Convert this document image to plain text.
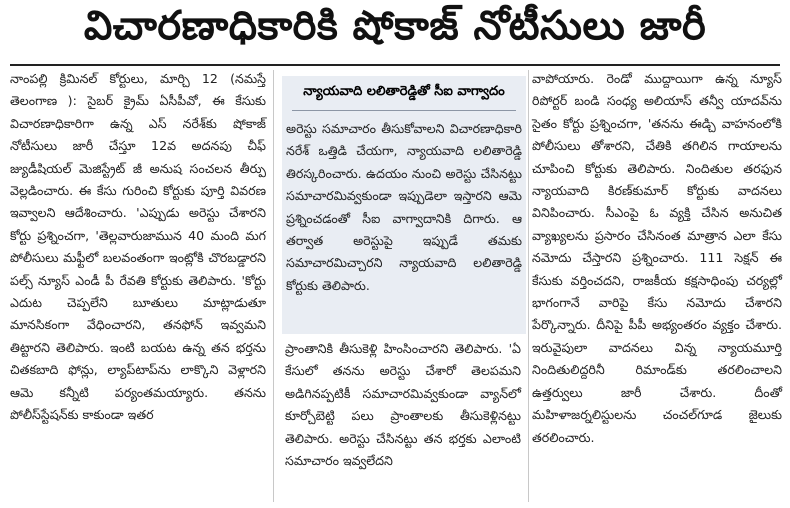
విచారణాధికారికి షోకాజ్ నోటీసులు జారీ

నాంపల్లి క్రిమినల్ కోర్టులు, మార్చి 12 (నమస్తే తెలంగాణ ): సైబర్ క్రైమ్ ఏసీపీవో, ఈ కేసుకు విచారణాధికారిగా ఉన్న ఎస్ నరేశ్‌కు షోకాజ్ నోటీసులు జారీ చేస్తూ 12వ అదనపు చీఫ్ జ్యుడీషియల్ మెజిస్ట్రేట్ జీ అనుష సంచలన తీర్పు వెల్లడించారు. ఈ కేసు గురించి కోర్టుకు పూర్తి వివరణ ఇవ్వాలని ఆదేశించారు. 'ఎప్పుడు అరెస్టు చేశారని కోర్టు ప్రశ్నించగా, 'తెల్లవారుజామున 40 మంది మగ పోలీసులు మఫ్టీలో బలవంతంగా ఇంట్లోకి చొరబడ్డారని పల్స్ న్యూస్ ఎండీ పీ రేవతి కోర్టుకు తెలిపారు. 'కోర్టు ఎదుట చెప్పలేని బూతులు మాట్లాడుతూ మానసికంగా వేధించారని, తనఫోన్ ఇవ్వమని తిట్టారని తెలిపారు. ఇంటి బయట ఉన్న తన భర్తను చితకబాది ఫోన్లు, ల్యాప్‌టాప్‌ను లాక్కొని వెళ్లారని ఆమె కన్నీటి పర్యంతమయ్యారు. తనను పోలీస్‌స్టేషన్‌కు కాకుండా ఇతర

న్యాయవాది లలితారెడ్డితో సీఐ వాగ్వాదం

అరెస్టు సమాచారం తీసుకోవాలని విచారణాధికారి నరేశ్ ఒత్తిడి చేయగా, న్యాయవాది లలితారెడ్డి తిరస్కరించారు. ఉదయం నుంచి అరెస్టు చేసినట్టు సమాచారమివ్వకుండా ఇప్పుడెలా ఇస్తారని ఆమె ప్రశ్నించడంతో సీఐ వాగ్వాదానికి దిగారు. ఆ తర్వాత అరెస్టుపై ఇప్పుడే తమకు సమాచారమిచ్చారని న్యాయవాది లలితారెడ్డి కోర్టుకు తెలిపారు.

ప్రాంతానికి తీసుకెళ్లి హింసించారని తెలిపారు. 'ఏ కేసులో తనను అరెస్టు చేశారో తెలపమని అడిగినప్పటికీ సమాచారమివ్వకుండా వ్యాన్‌లో కూర్చోబెట్టి పలు ప్రాంతాలకు తీసుకెళ్లినట్టు తెలిపారు. అరెస్టు చేసినట్టు తన భర్తకు ఎలాంటి సమాచారం ఇవ్వలేదని

వాపోయారు. రెండో ముద్దాయిగా ఉన్న న్యూస్ రిపోర్టర్ బండి సంధ్య అలియాస్ తన్వీ యాదవ్‌ను సైతం కోర్టు ప్రశ్నించగా, 'తనను ఈడ్చి వాహనంలోకి పోలీసులు తోశారని, చేతికి తగిలిన గాయాలను చూపించి కోర్టుకు తెలిపారు. నిందితుల తరఫున న్యాయవాది కిరణ్‌కుమార్ కోర్టుకు వాదనలు వినిపించారు. సీఎంపై ఓ వ్యక్తి చేసిన అనుచిత వ్యాఖ్యలను ప్రసారం చేసినంత మాత్రాన ఎలా కేసు నమోదు చేస్తారని ప్రశ్నించారు. 111 సెక్షన్ ఈ కేసుకు వర్తించదని, రాజకీయ కక్షసాధింపు చర్యల్లో భాగంగానే వారిపై కేసు నమోదు చేశారని పేర్కొన్నారు. దీనిపై పీపీ అభ్యంతరం వ్యక్తం చేశారు. ఇరువైపులా వాదనలు విన్న న్యాయమూర్తి నిందితులిద్దరినీ రిమాండ్‌కు తరలించాలని ఉత్తర్వులు జారీ చేశారు. దీంతో మహిళాజర్నలిస్టులను చంచల్‌గూడ జైలుకు తరలించారు.
